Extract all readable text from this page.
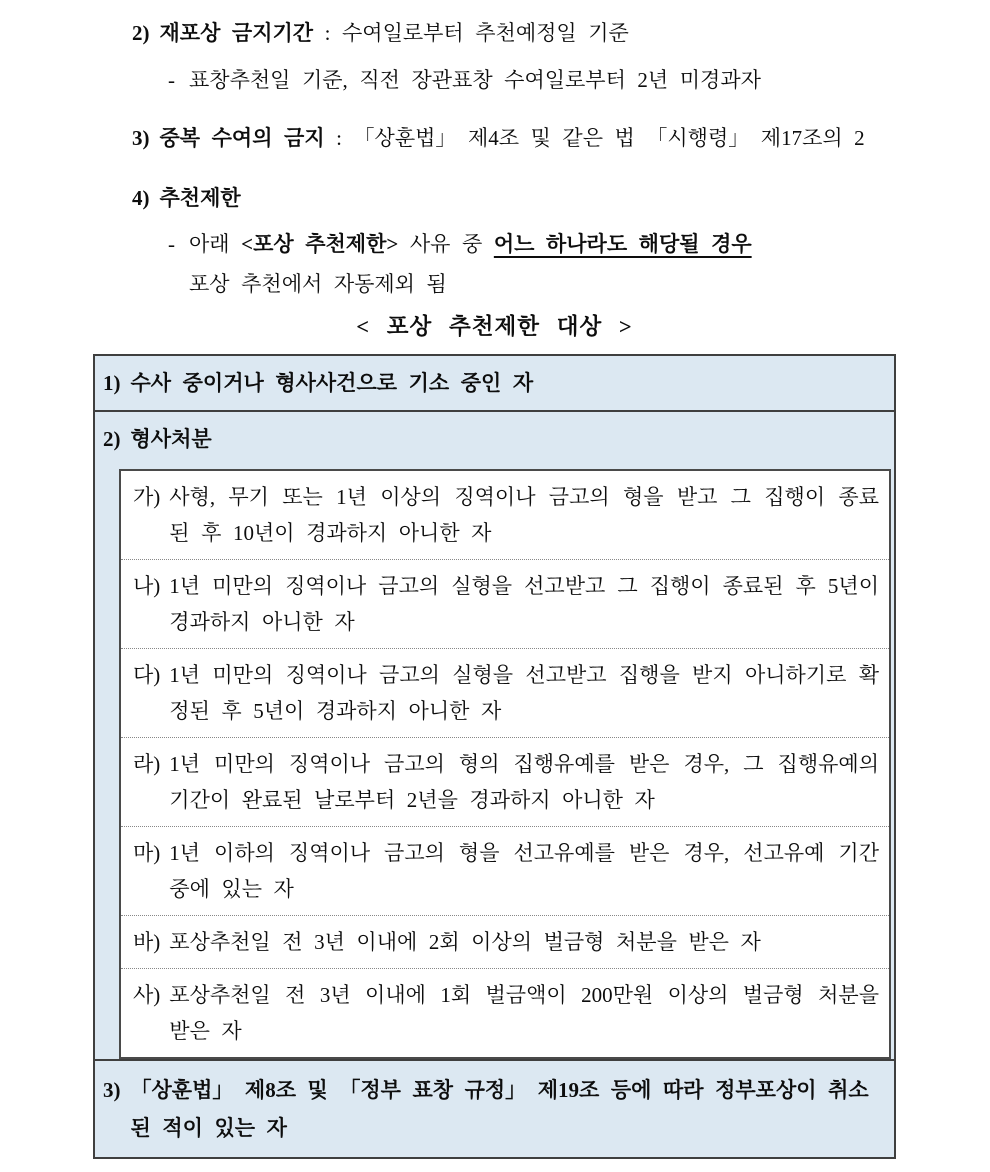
2) 재포상 금지기간 : 수여일로부터 추천예정일 기준
- 표창추천일 기준, 직전 장관표창 수여일로부터 2년 미경과자
3) 중복 수여의 금지 : 「상훈법」 제4조 및 같은 법 「시행령」 제17조의 2
4) 추천제한
- 아래 <포상 추천제한> 사유 중 어느 하나라도 해당될 경우
포상 추천에서 자동제외 됨
< 포상 추천제한 대상 >
1) 수사 중이거나 형사사건으로 기소 중인 자
2) 형사처분
가) 사형, 무기 또는 1년 이상의 징역이나 금고의 형을 받고 그 집행이 종료된 후 10년이 경과하지 아니한 자
나) 1년 미만의 징역이나 금고의 실형을 선고받고 그 집행이 종료된 후 5년이 경과하지 아니한 자
다) 1년 미만의 징역이나 금고의 실형을 선고받고 집행을 받지 아니하기로 확정된 후 5년이 경과하지 아니한 자
라) 1년 미만의 징역이나 금고의 형의 집행유예를 받은 경우, 그 집행유예의 기간이 완료된 날로부터 2년을 경과하지 아니한 자
마) 1년 이하의 징역이나 금고의 형을 선고유예를 받은 경우, 선고유예 기간 중에 있는 자
바) 포상추천일 전 3년 이내에 2회 이상의 벌금형 처분을 받은 자
사) 포상추천일 전 3년 이내에 1회 벌금액이 200만원 이상의 벌금형 처분을 받은 자
3) 「상훈법」 제8조 및 「정부 표창 규정」 제19조 등에 따라 정부포상이 취소된 적이 있는 자
